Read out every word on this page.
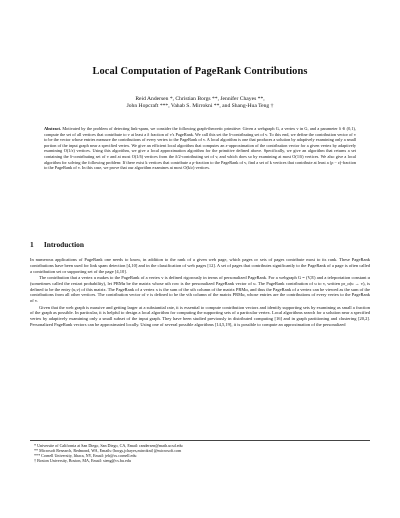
Local Computation of PageRank Contributions
Reid Andersen *, Christian Borgs **, Jennifer Chayes **,
John Hopcraft ***, Vahab S. Mirrokni **, and Shang-Hua Teng †
Abstract. Motivated by the problem of detecting link-spam, we consider the following graph-theoretic primitive: Given a webgraph G, a vertex v in G, and a parameter δ ∈ (0,1), compute the set of all vertices that contribute to v at least a δ fraction of v's PageRank. We call this set the δ-contributing set of v. To this end, we define the contribution vector of v to be the vector whose entries measure the contributions of every vertex to the PageRank of v. A local algorithm is one that produces a solution by adaptively examining only a small portion of the input graph near a specified vertex. We give an efficient local algorithm that computes an ε-approximation of the contribution vector for a given vertex by adaptively examining O(1/ε) vertices. Using this algorithm, we give a local approximation algorithm for the primitive defined above. Specifically, we give an algorithm that returns a set containing the δ-contributing set of v and at most O(1/δ) vertices from the δ/2-contributing set of v, and which does so by examining at most O(1/δ) vertices. We also give a local algorithm for solving the following problem: If there exist k vertices that contribute a ρ-fraction to the PageRank of v, find a set of k vertices that contribute at least a (ρ − ε)-fraction to the PageRank of v. In this case, we prove that our algorithm examines at most O(k/ε) vertices.
1 Introduction

In numerous applications of PageRank one needs to know, in addition to the rank of a given web page, which pages or sets of pages contribute most to its rank. These PageRank contributions have been used for link spam detection [4,10] and in the classification of web pages [12]. A set of pages that contributes significantly to the PageRank of a page is often called a contribution set or supporting set of the page [4,10].

The contribution that a vertex u makes to the PageRank of a vertex v is defined rigorously in terms of personalized PageRank. For a webgraph G = (V,E) and a teleportation constant α (sometimes called the restart probability), let PRMα be the matrix whose uth row is the personalized PageRank vector of u. The PageRank contribution of u to v, written pr_α(u → v), is defined to be the entry (u,v) of this matrix. The PageRank of a vertex x is the sum of the xth column of the matrix PRMα, and thus the PageRank of a vertex can be viewed as the sum of the contributions from all other vertices. The contribution vector of v is defined to be the vth column of the matrix PRMα, whose entries are the contributions of every vertex to the PageRank of v.

Given that the web graph is massive and getting larger at a substantial rate, it is essential to compute contribution vectors and identify supporting sets by examining as small a fraction of the graph as possible. In particular, it is helpful to design a local algorithm for computing the supporting sets of a particular vertex. Local algorithms search for a solution near a specified vertex by adaptively examining only a small subset of the input graph. They have been studied previously in distributed computing [16] and in graph partitioning and clustering [20,2]. Personalized PageRank vectors can be approximated locally. Using one of several possible algorithms [14,5,19], it is possible to compute an approximation of the personalized

* Universite of California at San Diego, San Diego, CA, Email: randersen@math.ucsd.edu
** Microsoft Research, Redmond, WA, Emails:{borgs,jchayes,mirrokni}@microsoft.com
*** Cornell University, Ithaca, NY, Email: jeh@cs.cornell.edu
† Boston University, Boston, MA, Email: steng@cs.bu.edu
